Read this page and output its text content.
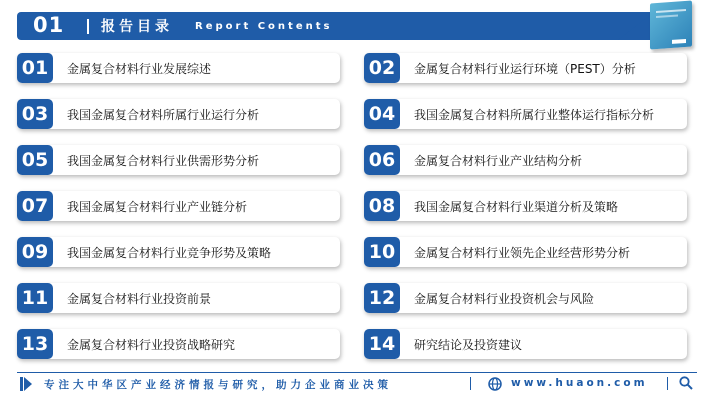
01	报告目录 Report Contents
01	金属复合材料行业发展综述	02	金属复合材料行业运行环境（PEST）分析
03	我国金属复合材料所属行业运行分析	04	我国金属复合材料所属行业整体运行指标分析
05	我国金属复合材料行业供需形势分析	06	金属复合材料行业产业结构分析
07	我国金属复合材料行业产业链分析	08	我国金属复合材料行业渠道分析及策略
09	我国金属复合材料行业竞争形势及策略	10	金属复合材料行业领先企业经营形势分析
11	金属复合材料行业投资前景	12	金属复合材料行业投资机会与风险
13	金属复合材料行业投资战略研究	14	研究结论及投资建议
专注大中华区产业经济情报与研究，助力企业商业决策	www.huaon.com
